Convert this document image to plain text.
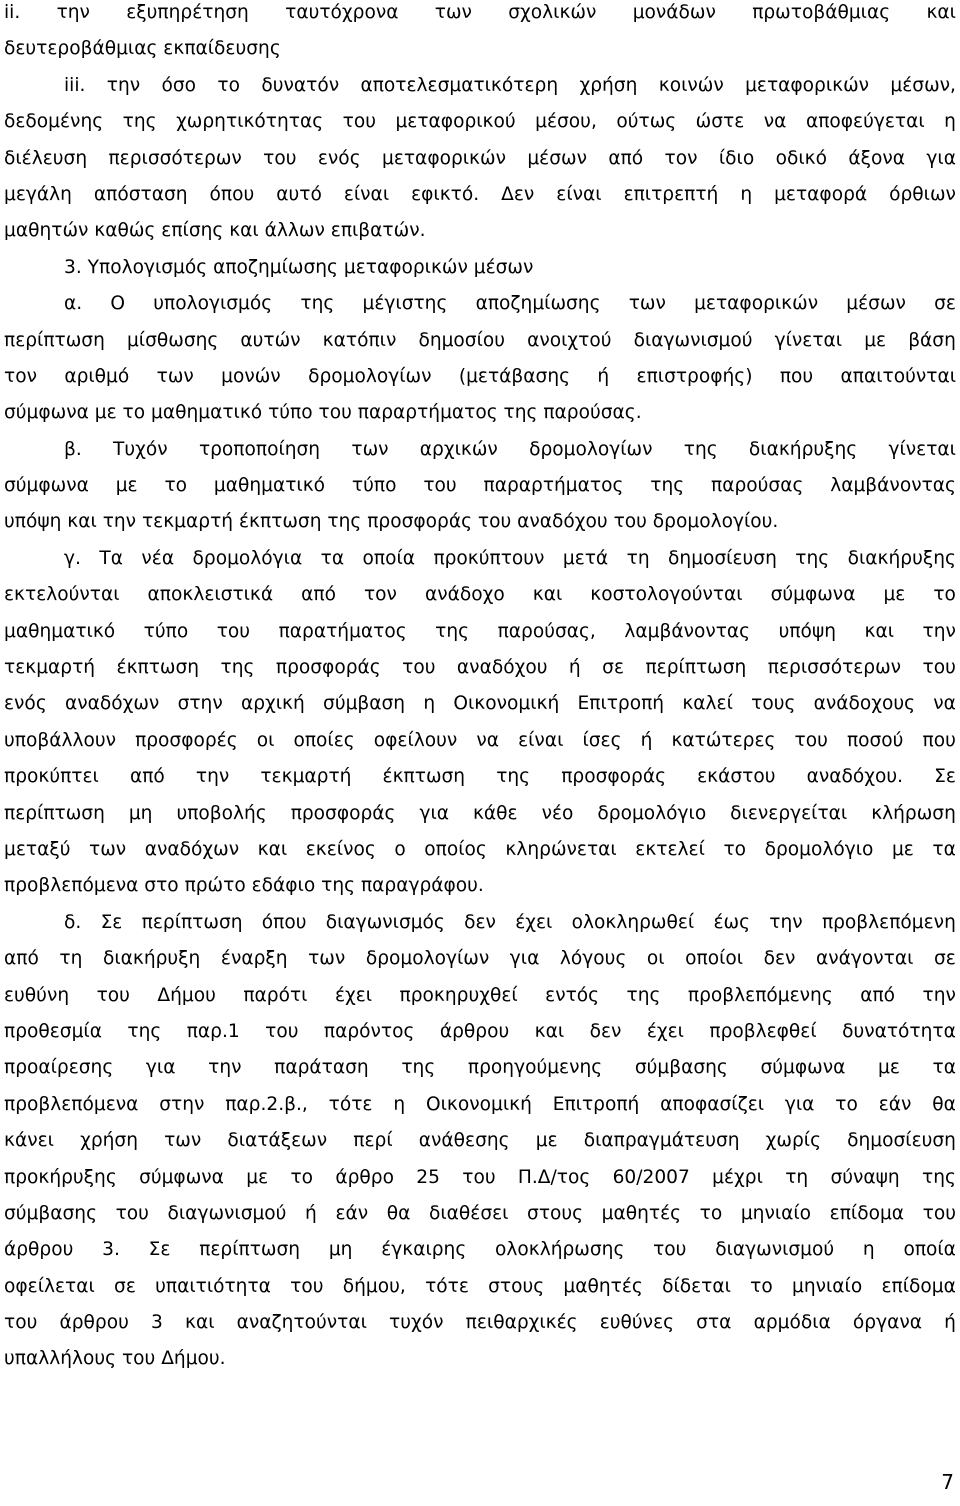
ii. την εξυπηρέτηση ταυτόχρονα των σχολικών μονάδων πρωτοβάθμιας και
δευτεροβάθμιας εκπαίδευσης
iii. την όσο το δυνατόν αποτελεσματικότερη χρήση κοινών μεταφορικών μέσων,
δεδομένης της χωρητικότητας του μεταφορικού μέσου, ούτως ώστε να αποφεύγεται η
διέλευση περισσότερων του ενός μεταφορικών μέσων από τον ίδιο οδικό άξονα για
μεγάλη απόσταση όπου αυτό είναι εφικτό. Δεν είναι επιτρεπτή η μεταφορά όρθιων
μαθητών καθώς επίσης και άλλων επιβατών.
3. Υπολογισμός αποζημίωσης μεταφορικών μέσων
α. Ο υπολογισμός της μέγιστης αποζημίωσης των μεταφορικών μέσων σε
περίπτωση μίσθωσης αυτών κατόπιν δημοσίου ανοιχτού διαγωνισμού γίνεται με βάση
τον αριθμό των μονών δρομολογίων (μετάβασης ή επιστροφής) που απαιτούνται
σύμφωνα με το μαθηματικό τύπο του παραρτήματος της παρούσας.
β. Τυχόν τροποποίηση των αρχικών δρομολογίων της διακήρυξης γίνεται
σύμφωνα με το μαθηματικό τύπο του παραρτήματος της παρούσας λαμβάνοντας
υπόψη και την τεκμαρτή έκπτωση της προσφοράς του αναδόχου του δρομολογίου.
γ. Τα νέα δρομολόγια τα οποία προκύπτουν μετά τη δημοσίευση της διακήρυξης
εκτελούνται αποκλειστικά από τον ανάδοχο και κοστολογούνται σύμφωνα με το
μαθηματικό τύπο του παρατήματος της παρούσας, λαμβάνοντας υπόψη και την
τεκμαρτή έκπτωση της προσφοράς του αναδόχου ή σε περίπτωση περισσότερων του
ενός αναδόχων στην αρχική σύμβαση η Οικονομική Επιτροπή καλεί τους ανάδοχους να
υποβάλλουν προσφορές οι οποίες οφείλουν να είναι ίσες ή κατώτερες του ποσού που
προκύπτει από την τεκμαρτή έκπτωση της προσφοράς εκάστου αναδόχου. Σε
περίπτωση μη υποβολής προσφοράς για κάθε νέο δρομολόγιο διενεργείται κλήρωση
μεταξύ των αναδόχων και εκείνος ο οποίος κληρώνεται εκτελεί το δρομολόγιο με τα
προβλεπόμενα στο πρώτο εδάφιο της παραγράφου.
δ. Σε περίπτωση όπου διαγωνισμός δεν έχει ολοκληρωθεί έως την προβλεπόμενη
από τη διακήρυξη έναρξη των δρομολογίων για λόγους οι οποίοι δεν ανάγονται σε
ευθύνη του Δήμου παρότι έχει προκηρυχθεί εντός της προβλεπόμενης από την
προθεσμία της παρ.1 του παρόντος άρθρου και δεν έχει προβλεφθεί δυνατότητα
προαίρεσης για την παράταση της προηγούμενης σύμβασης σύμφωνα με τα
προβλεπόμενα στην παρ.2.β., τότε η Οικονομική Επιτροπή αποφασίζει για το εάν θα
κάνει χρήση των διατάξεων περί ανάθεσης με διαπραγμάτευση χωρίς δημοσίευση
προκήρυξης σύμφωνα με το άρθρο 25 του Π.Δ/τος 60/2007 μέχρι τη σύναψη της
σύμβασης του διαγωνισμού ή εάν θα διαθέσει στους μαθητές το μηνιαίο επίδομα του
άρθρου 3. Σε περίπτωση μη έγκαιρης ολοκλήρωσης του διαγωνισμού η οποία
οφείλεται σε υπαιτιότητα του δήμου, τότε στους μαθητές δίδεται το μηνιαίο επίδομα
του άρθρου 3 και αναζητούνται τυχόν πειθαρχικές ευθύνες στα αρμόδια όργανα ή
υπαλλήλους του Δήμου.
7
